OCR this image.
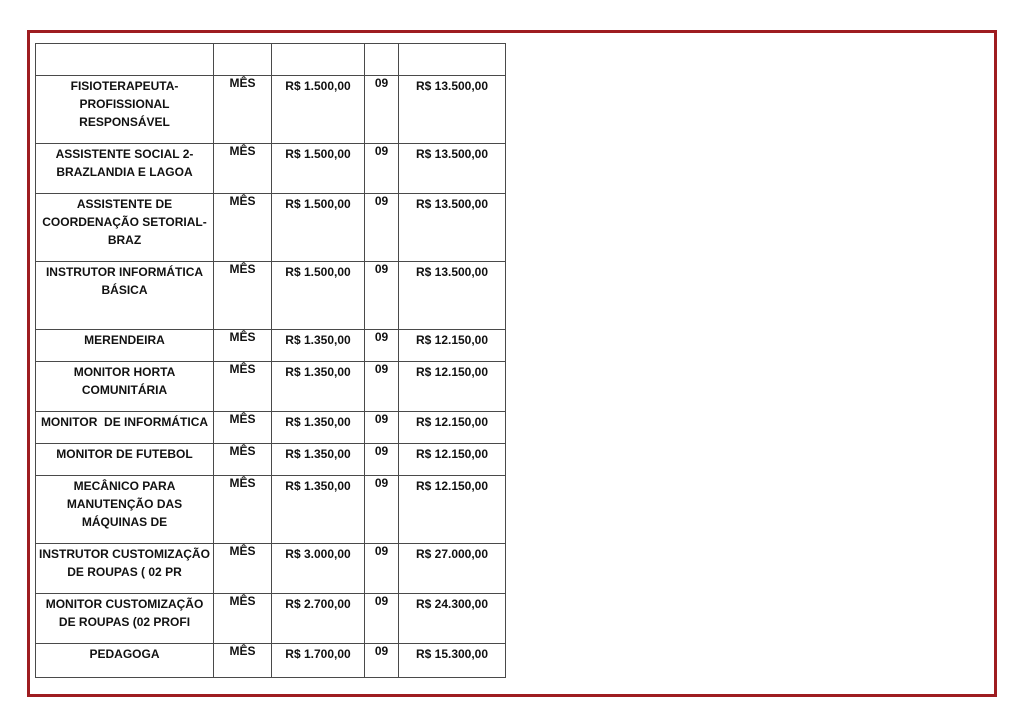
FISIOTERAPEUTA-
PROFISSIONAL
RESPONSÁVEL	MÊS	R$ 1.500,00	09	R$ 13.500,00

ASSISTENTE SOCIAL 2-
BRAZLANDIA E LAGOA	MÊS	R$ 1.500,00	09	R$ 13.500,00

ASSISTENTE DE
COORDENAÇÃO SETORIAL-
BRAZ	MÊS	R$ 1.500,00	09	R$ 13.500,00

INSTRUTOR INFORMÁTICA
BÁSICA	MÊS	R$ 1.500,00	09	R$ 13.500,00

MERENDEIRA	MÊS	R$ 1.350,00	09	R$ 12.150,00

MONITOR HORTA
COMUNITÁRIA	MÊS	R$ 1.350,00	09	R$ 12.150,00

MONITOR  DE INFORMÁTICA	MÊS	R$ 1.350,00	09	R$ 12.150,00

MONITOR DE FUTEBOL	MÊS	R$ 1.350,00	09	R$ 12.150,00

MECÂNICO PARA
MANUTENÇÃO DAS
MÁQUINAS DE	MÊS	R$ 1.350,00	09	R$ 12.150,00

INSTRUTOR CUSTOMIZAÇÃO
DE ROUPAS ( 02 PR	MÊS	R$ 3.000,00	09	R$ 27.000,00

MONITOR CUSTOMIZAÇÃO
DE ROUPAS (02 PROFI	MÊS	R$ 2.700,00	09	R$ 24.300,00

PEDAGOGA	MÊS	R$ 1.700,00	09	R$ 15.300,00
